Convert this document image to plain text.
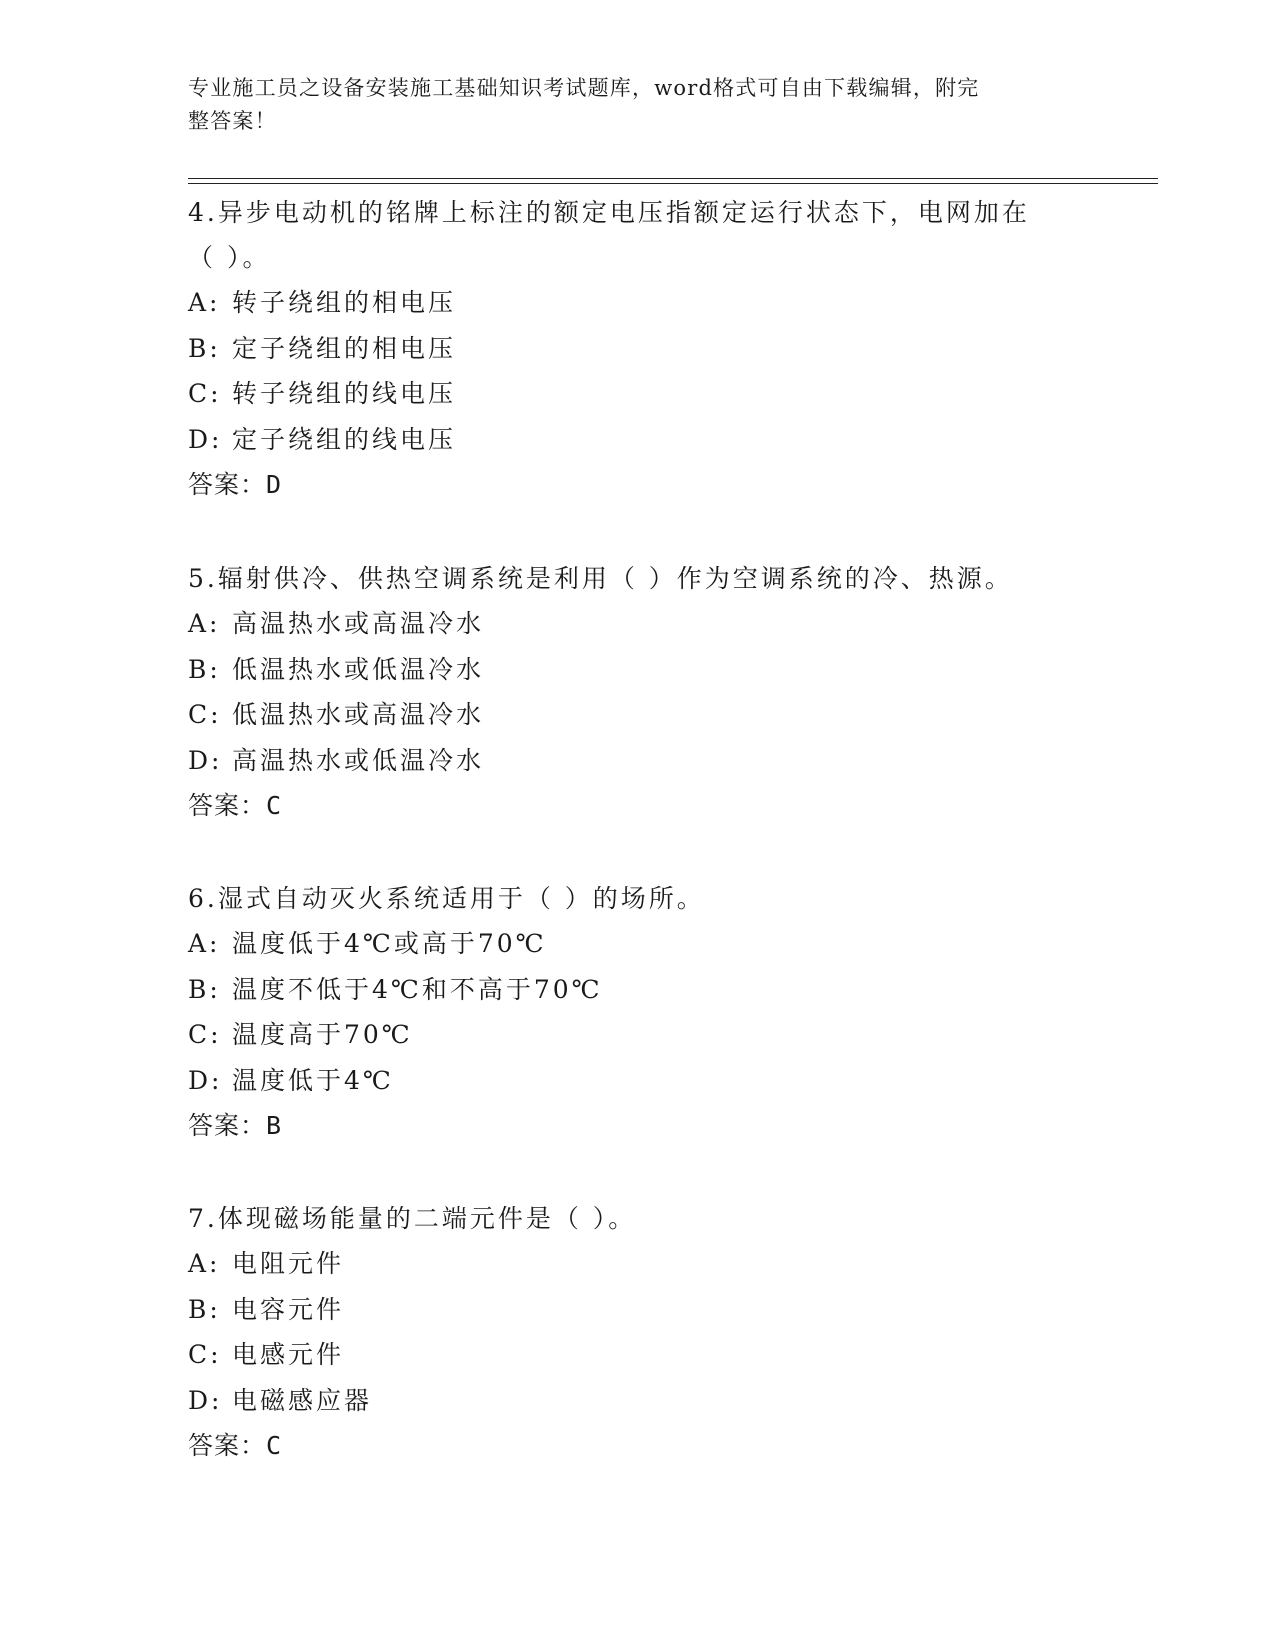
专业施工员之设备安装施工基础知识考试题库，word格式可自由下载编辑，附完
整答案！
4.异步电动机的铭牌上标注的额定电压指额定运行状态下，电网加在
（ ）。
A: 转子绕组的相电压
B: 定子绕组的相电压
C: 转子绕组的线电压
D: 定子绕组的线电压
答案：D
5.辐射供冷、供热空调系统是利用（ ）作为空调系统的冷、热源。
A: 高温热水或高温冷水
B: 低温热水或低温冷水
C: 低温热水或高温冷水
D: 高温热水或低温冷水
答案：C
6.湿式自动灭火系统适用于（ ）的场所。
A: 温度低于4℃或高于70℃
B: 温度不低于4℃和不高于70℃
C: 温度高于70℃
D: 温度低于4℃
答案：B
7.体现磁场能量的二端元件是（ ）。
A: 电阻元件
B: 电容元件
C: 电感元件
D: 电磁感应器
答案：C
